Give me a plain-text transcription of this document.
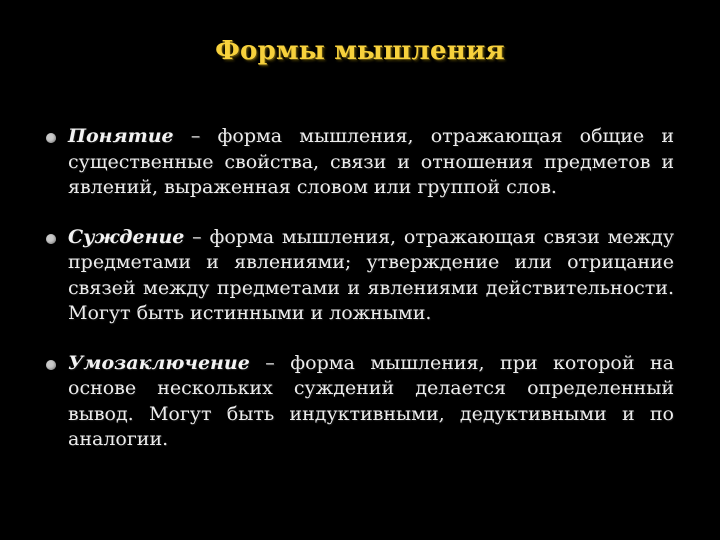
Формы мышления
Понятие – форма мышления, отражающая общие и существенные свойства, связи и отношения предметов и явлений, выраженная словом или группой слов.
Суждение – форма мышления, отражающая связи между предметами и явлениями; утверждение или отрицание связей между предметами и явлениями действительности. Могут быть истинными и ложными.
Умозаключение – форма мышления, при которой на основе нескольких суждений делается определенный вывод. Могут быть индуктивными, дедуктивными и по аналогии.
